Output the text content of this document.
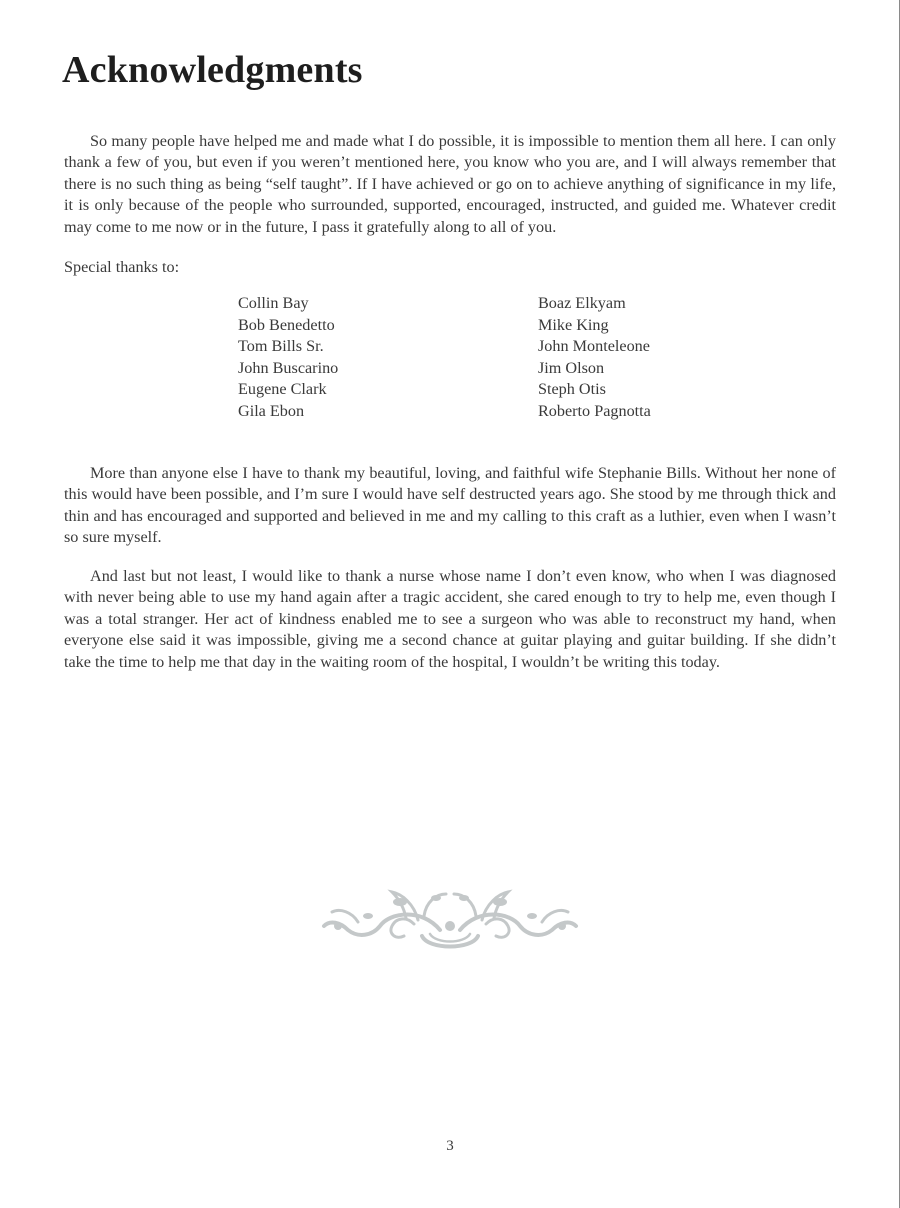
Acknowledgments

So many people have helped me and made what I do possible, it is impossible to mention them all here. I can only thank a few of you, but even if you weren’t mentioned here, you know who you are, and I will always remember that there is no such thing as being “self taught”. If I have achieved or go on to achieve anything of significance in my life, it is only because of the people who surrounded, supported, encouraged, instructed, and guided me. Whatever credit may come to me now or in the future, I pass it gratefully along to all of you.

Special thanks to:

Collin Bay
Bob Benedetto
Tom Bills Sr.
John Buscarino
Eugene Clark
Gila Ebon
Boaz Elkyam
Mike King
John Monteleone
Jim Olson
Steph Otis
Roberto Pagnotta

More than anyone else I have to thank my beautiful, loving, and faithful wife Stephanie Bills. Without her none of this would have been possible, and I’m sure I would have self destructed years ago. She stood by me through thick and thin and has encouraged and supported and believed in me and my calling to this craft as a luthier, even when I wasn’t so sure myself.

And last but not least, I would like to thank a nurse whose name I don’t even know, who when I was diagnosed with never being able to use my hand again after a tragic accident, she cared enough to try to help me, even though I was a total stranger. Her act of kindness enabled me to see a surgeon who was able to reconstruct my hand, when everyone else said it was impossible, giving me a second chance at guitar playing and guitar building. If she didn’t take the time to help me that day in the waiting room of the hospital, I wouldn’t be writing this today.

3
